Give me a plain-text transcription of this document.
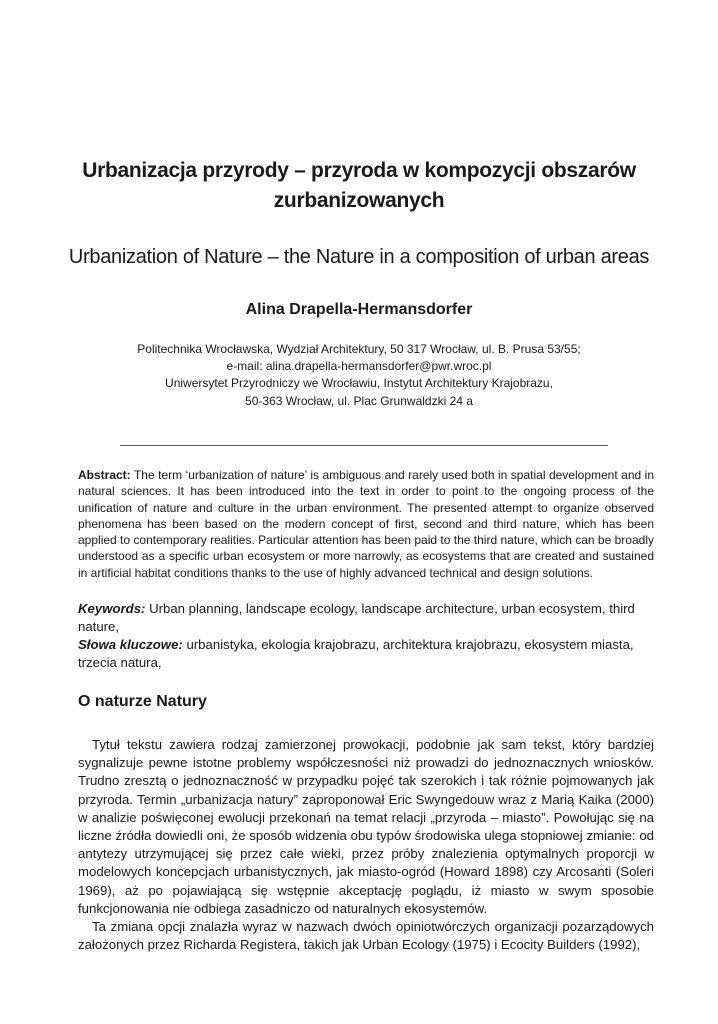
Urbanizacja przyrody – przyroda w kompozycji obszarów
zurbanizowanych
Urbanization of Nature – the Nature in a composition of urban areas
Alina Drapella-Hermansdorfer
Politechnika Wrocławska, Wydział Architektury, 50 317 Wrocław, ul. B. Prusa 53/55;
e-mail: alina.drapella-hermansdorfer@pwr.wroc.pl
Uniwersytet Przyrodniczy we Wrocławiu, Instytut Architektury Krajobrazu,
50-363 Wrocław, ul. Plac Grunwaldzki 24 a
Abstract: The term ‘urbanization of nature’ is ambiguous and rarely used both in spatial development and in natural sciences. It has been introduced into the text in order to point to the ongoing process of the unification of nature and culture in the urban environment. The presented attempt to organize observed phenomena has been based on the modern concept of first, second and third nature, which has been applied to contemporary realities. Particular attention has been paid to the third nature, which can be broadly understood as a specific urban ecosystem or more narrowly, as ecosystems that are created and sustained in artificial habitat conditions thanks to the use of highly advanced technical and design solutions.
Keywords: Urban planning, landscape ecology, landscape architecture, urban ecosystem, third nature,
Słowa kluczowe: urbanistyka, ekologia krajobrazu, architektura krajobrazu, ekosystem miasta, trzecia natura,
O naturze Natury

Tytuł tekstu zawiera rodzaj zamierzonej prowokacji, podobnie jak sam tekst, który bardziej sygnalizuje pewne istotne problemy współczesności niż prowadzi do jednoznacznych wniosków. Trudno zresztą o jednoznaczność w przypadku pojęć tak szerokich i tak różnie pojmowanych jak przyroda. Termin „urbanizacja natury” zaproponował Eric Swyngedouw wraz z Marią Kaika (2000) w analizie poświęconej ewolucji przekonań na temat relacji „przyroda – miasto”. Powołując się na liczne źródła dowiedli oni, że sposób widzenia obu typów środowiska ulega stopniowej zmianie: od antytezy utrzymującej się przez całe wieki, przez próby znalezienia optymalnych proporcji w modelowych koncepcjach urbanistycznych, jak miasto-ogród (Howard 1898) czy Arcosanti (Soleri 1969), aż po pojawiającą się wstępnie akceptację poglądu, iż miasto w swym sposobie funkcjonowania nie odbiega zasadniczo od naturalnych ekosystemów.

Ta zmiana opcji znalazła wyraz w nazwach dwóch opiniotwórczych organizacji pozarządowych założonych przez Richarda Registera, takich jak Urban Ecology (1975) i Ecocity Builders (1992),
